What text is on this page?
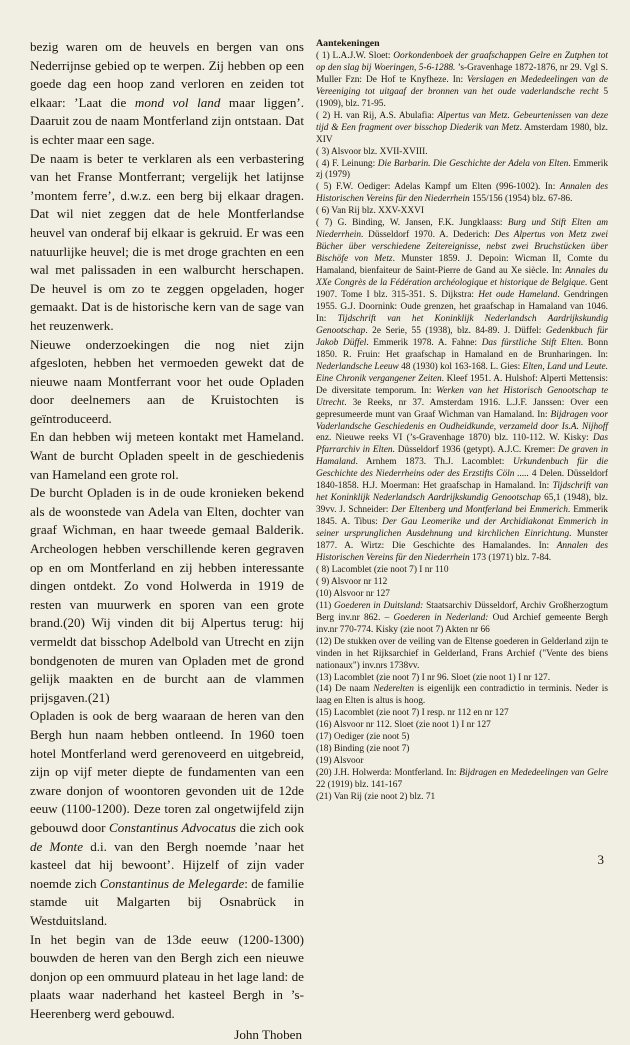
bezig waren om de heuvels en bergen van ons Nederrijnse gebied op te werpen. Zij hebben op een goede dag een hoop zand verloren en zeiden tot elkaar: ’Laat die mond vol land maar liggen’. Daaruit zou de naam Montferland zijn ontstaan. Dat is echter maar een sage.

De naam is beter te verklaren als een verbastering van het Franse Montferrant; vergelijk het latijnse ’montem ferre’, d.w.z. een berg bij elkaar dragen. Dat wil niet zeggen dat de hele Montferlandse heuvel van onderaf bij elkaar is gekruid. Er was een natuurlijke heuvel; die is met droge grachten en een wal met palissaden in een walburcht herschapen. De heuvel is om zo te zeggen opgeladen, hoger gemaakt. Dat is de historische kern van de sage van het reuzenwerk.

Nieuwe onderzoekingen die nog niet zijn afgesloten, hebben het vermoeden gewekt dat de nieuwe naam Montferrant voor het oude Opladen door deelnemers aan de Kruistochten is geïntroduceerd.

En dan hebben wij meteen kontakt met Hameland. Want de burcht Opladen speelt in de geschiedenis van Hameland een grote rol.

De burcht Opladen is in de oude kronieken bekend als de woonstede van Adela van Elten, dochter van graaf Wichman, en haar tweede gemaal Balderik. Archeologen hebben verschillende keren gegraven op en om Montferland en zij hebben interessante dingen ontdekt. Zo vond Holwerda in 1919 de resten van muurwerk en sporen van een grote brand.(20) Wij vinden dit bij Alpertus terug: hij vermeldt dat bisschop Adelbold van Utrecht en zijn bondgenoten de muren van Opladen met de grond gelijk maakten en de burcht aan de vlammen prijsgaven.(21)

Opladen is ook de berg waaraan de heren van den Bergh hun naam hebben ontleend. In 1960 toen hotel Montferland werd gerenoveerd en uitgebreid, zijn op vijf meter diepte de fundamenten van een zware donjon of woontoren gevonden uit de 12de eeuw (1100-1200). Deze toren zal ongetwijfeld zijn gebouwd door Constantinus Advocatus die zich ook de Monte d.i. van den Bergh noemde ’naar het kasteel dat hij bewoont’. Hijzelf of zijn vader noemde zich Constantinus de Melegarde: de familie stamde uit Malgarten bij Osnabrück in Westduitsland.

In het begin van de 13de eeuw (1200-1300) bouwden de heren van den Bergh zich een nieuwe donjon op een ommuurd plateau in het lage land: de plaats waar naderhand het kasteel Bergh in ’s-Heerenberg werd gebouwd.

John Thoben

Aantekeningen

( 1) L.A.J.W. Sloet: Oorkondenboek der graafschappen Gelre en Zutphen tot op den slag bij Woeringen, 5-6-1288. ’s-Gravenhage 1872-1876, nr 29. Vgl S. Muller Fzn: De Hof te Knyfheze. In: Verslagen en Mededeelingen van de Vereeniging tot uitgaaf der bronnen van het oude vaderlandsche recht 5 (1909), blz. 71-95.

( 2) H. van Rij, A.S. Abulafia: Alpertus van Metz. Gebeurtenissen van deze tijd & Een fragment over bisschop Diederik van Metz. Amsterdam 1980, blz. XIV

( 3) Alsvoor blz. XVII-XVIII.

( 4) F. Leinung: Die Barbarin. Die Geschichte der Adela von Elten. Emmerik zj (1979)

( 5) F.W. Oediger: Adelas Kampf um Elten (996-1002). In: Annalen des Historischen Vereins für den Niederrhein 155/156 (1954) blz. 67-86.

( 6) Van Rij blz. XXV-XXVI

( 7) G. Binding, W. Jansen, F.K. Jungklaass: Burg und Stift Elten am Niederrhein. Düsseldorf 1970. A. Dederich: Des Alpertus von Metz zwei Bücher über verschiedene Zeitereignisse, nebst zwei Bruchstücken über Bischöfe von Metz. Munster 1859. J. Depoin: Wicman II, Comte du Hamaland, bienfaiteur de Saint-Pierre de Gand au Xe siècle. In: Annales du XXe Congrès de la Fédération archéologique et historique de Belgique. Gent 1907. Tome I blz. 315-351. S. Dijkstra: Het oude Hameland. Gendringen 1955. G.J. Doornink: Oude grenzen, het graafschap in Hamaland van 1046. In: Tijdschrift van het Koninklijk Nederlandsch Aardrijkskundig Genootschap. 2e Serie, 55 (1938), blz. 84-89. J. Düffel: Gedenkbuch für Jakob Düffel. Emmerik 1978. A. Fahne: Das fürstliche Stift Elten. Bonn 1850. R. Fruin: Het graafschap in Hamaland en de Brunharingen. In: Nederlandsche Leeuw 48 (1930) kol 163-168. L. Gies: Elten, Land und Leute. Eine Chronik vergangener Zeiten. Kleef 1951. A. Hulshof: Alperti Mettensis: De diversitate temporum. In: Werken van het Historisch Genootschap te Utrecht. 3e Reeks, nr 37. Amsterdam 1916. L.J.F. Janssen: Over een gepresumeerde munt van Graaf Wichman van Hamaland. In: Bijdragen voor Vaderlandsche Geschiedenis en Oudheidkunde, verzameld door Is.A. Nijhoff enz. Nieuwe reeks VI (’s-Gravenhage 1870) blz. 110-112. W. Kisky: Das Pfarrarchiv in Elten. Düsseldorf 1936 (getypt). A.J.C. Kremer: De graven in Hamaland. Arnhem 1873. Th.J. Lacomblet: Urkundenbuch für die Geschichte des Niederrheins oder des Erzstifts Cöln ..... 4 Delen. Düsseldorf 1840-1858. H.J. Moerman: Het graafschap in Hamaland. In: Tijdschrift van het Koninklijk Nederlandsch Aardrijkskundig Genootschap 65,1 (1948), blz. 39vv. J. Schneider: Der Eltenberg und Montferland bei Emmerich. Emmerik 1845. A. Tibus: Der Gau Leomerike und der Archidiakonat Emmerich in seiner ursprunglichen Ausdehnung und kirchlichen Einrichtung. Munster 1877. A. Wirtz: Die Geschichte des Hamalandes. In: Annalen des Historischen Vereins für den Niederrhein 173 (1971) blz. 7-84.

( 8) Lacomblet (zie noot 7) I nr 110

( 9) Alsvoor nr 112

(10) Alsvoor nr 127

(11) Goederen in Duitsland: Staatsarchiv Düsseldorf, Archiv Großherzogtum Berg inv.nr 862. – Goederen in Nederland: Oud Archief gemeente Bergh inv.nr 770-774. Kisky (zie noot 7) Akten nr 66

(12) De stukken over de veiling van de Eltense goederen in Gelderland zijn te vinden in het Rijksarchief in Gelderland, Frans Archief ("Vente des biens nationaux") inv.nrs 1738vv.

(13) Lacomblet (zie noot 7) I nr 96. Sloet (zie noot 1) I nr 127.

(14) De naam Nederelten is eigenlijk een contradictio in terminis. Neder is laag en Elten is altus is hoog.

(15) Lacomblet (zie noot 7) I resp. nr 112 en nr 127

(16) Alsvoor nr 112. Sloet (zie noot 1) I nr 127

(17) Oediger (zie noot 5)

(18) Binding (zie noot 7)

(19) Alsvoor

(20) J.H. Holwerda: Montferland. In: Bijdragen en Mededeelingen van Gelre 22 (1919) blz. 141-167

(21) Van Rij (zie noot 2) blz. 71

3
